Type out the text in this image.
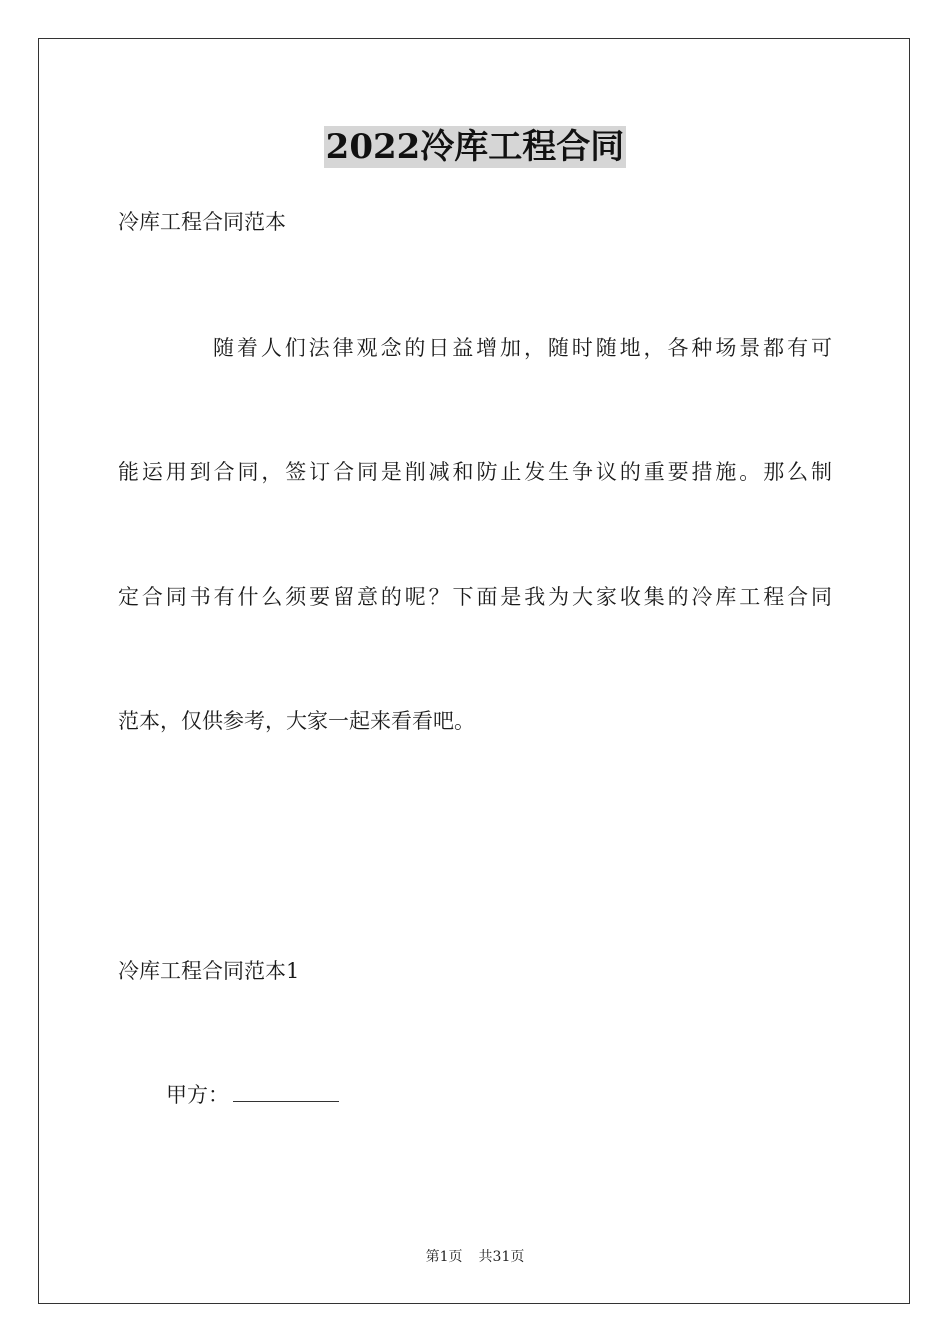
2022冷库工程合同
冷库工程合同范本
随着人们法律观念的日益增加，随时随地，各种场景都有可
能运用到合同，签订合同是削减和防止发生争议的重要措施。那么制
定合同书有什么须要留意的呢？下面是我为大家收集的冷库工程合同
范本，仅供参考，大家一起来看看吧。
冷库工程合同范本1
甲方：
第1页 共31页
